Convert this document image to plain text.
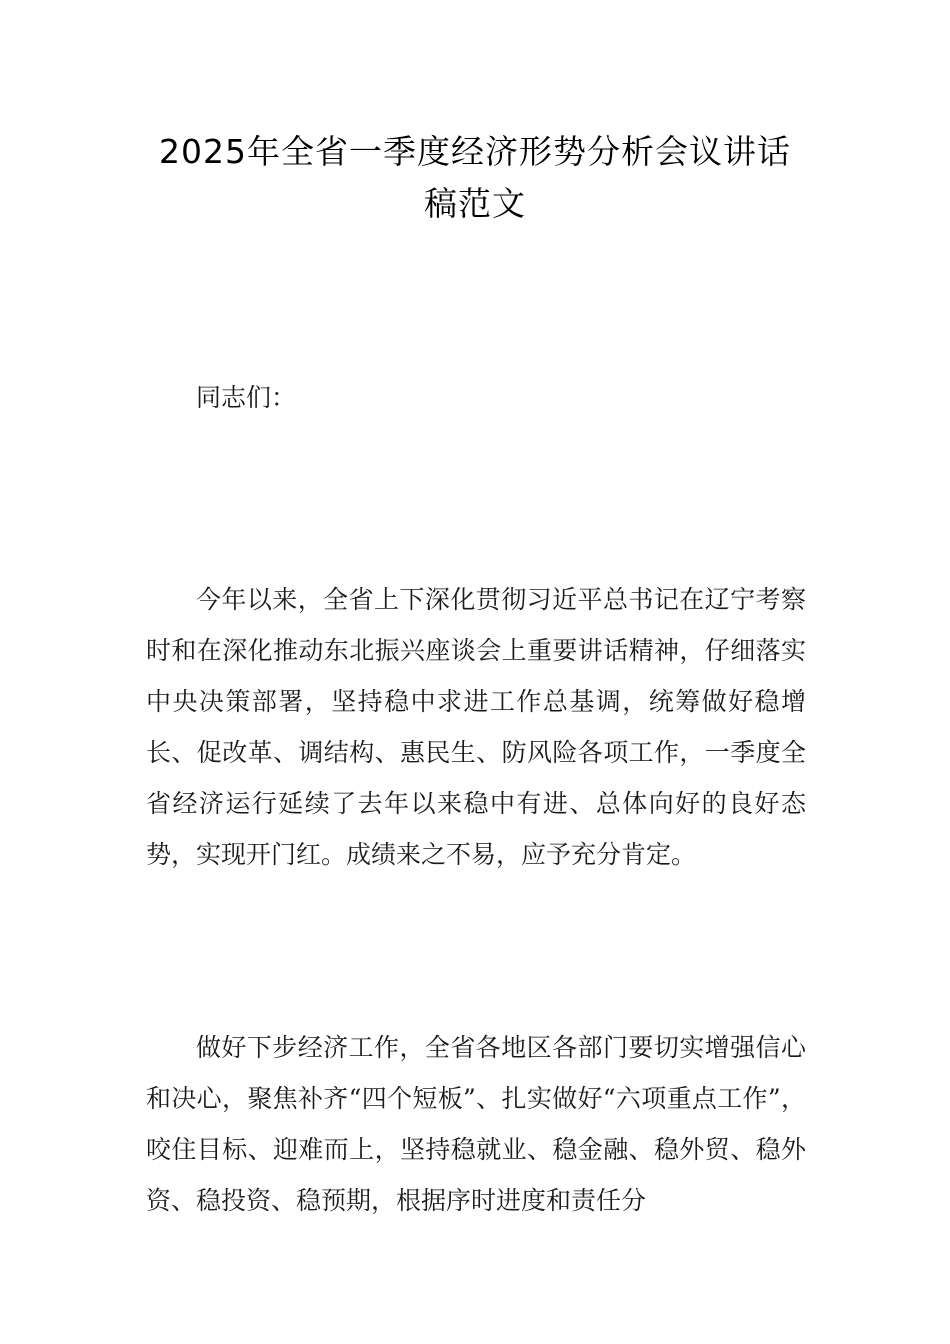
2025年全省一季度经济形势分析会议讲话
稿范文

同志们：

今年以来，全省上下深化贯彻习近平总书记在辽宁考察时和在深化推动东北振兴座谈会上重要讲话精神，仔细落实中央决策部署，坚持稳中求进工作总基调，统筹做好稳增长、促改革、调结构、惠民生、防风险各项工作，一季度全省经济运行延续了去年以来稳中有进、总体向好的良好态势，实现开门红。成绩来之不易，应予充分肯定。

做好下步经济工作，全省各地区各部门要切实增强信心和决心，聚焦补齐“四个短板”、扎实做好“六项重点工作”，咬住目标、迎难而上，坚持稳就业、稳金融、稳外贸、稳外资、稳投资、稳预期，根据序时进度和责任分
